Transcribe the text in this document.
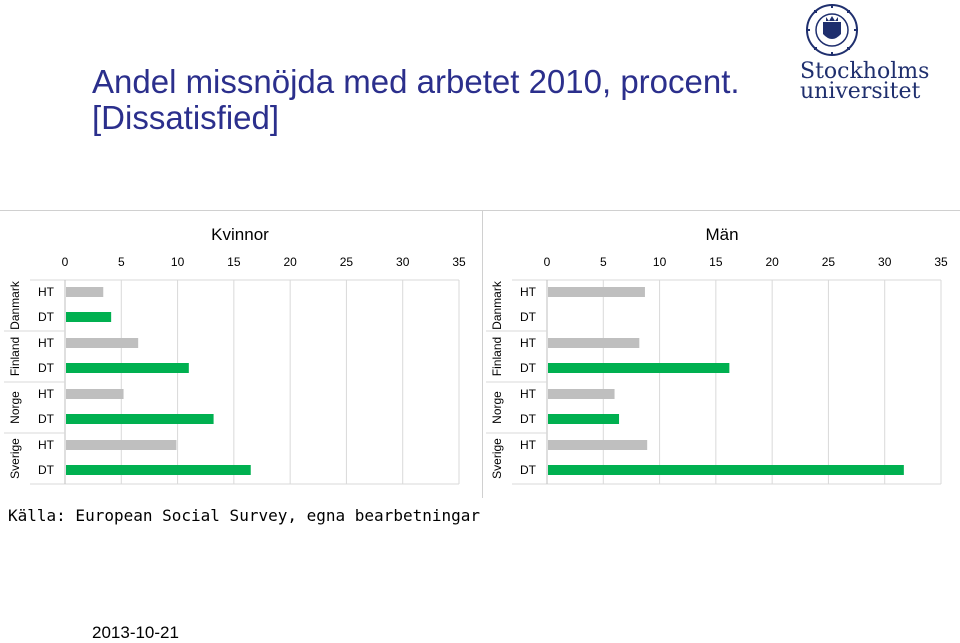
Andel missnöjda med arbetet 2010, procent.
[Dissatisfied]
Stockholms
universitet
Kvinnor
0	5	10	15	20	25	30	35
Danmark
Finland
Norge
Sverige
HT
DT
HT
DT
HT
DT
HT
DT
Män
0	5	10	15	20	25	30	35
Danmark
Finland
Norge
Sverige
HT
DT
HT
DT
HT
DT
HT
DT
Källa: European Social Survey, egna bearbetningar
2013-10-21
